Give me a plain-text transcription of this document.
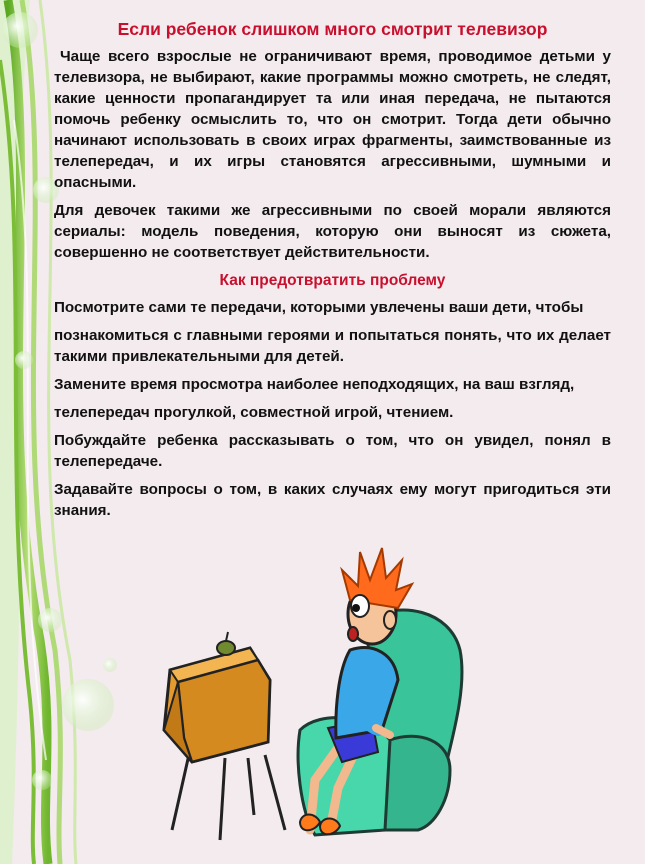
Если ребенок слишком много смотрит телевизор

Чаще всего взрослые не ограничивают время, проводимое детьми у телевизора, не выбирают, какие программы можно смотреть, не следят, какие ценности пропагандирует та или иная передача, не пытаются помочь ребенку осмыслить то, что он смотрит. Тогда дети обычно начинают использовать в своих играх фрагменты, заимствованные из телепередач, и их игры становятся агрессивными, шумными и опасными.

Для девочек такими же агрессивными по своей морали являются сериалы: модель поведения, которую они выносят из сюжета, совершенно не соответствует действительности.

Как предотвратить проблему

Посмотрите сами те передачи, которыми увлечены ваши дети, чтобы

познакомиться с главными героями и попытаться понять, что их делает такими привлекательными для детей.

Замените время просмотра наиболее неподходящих, на ваш взгляд,

телепередач прогулкой, совместной игрой, чтением.

Побуждайте ребенка рассказывать о том, что он увидел, понял в телепередаче.

Задавайте вопросы о том, в каких случаях ему могут пригодиться эти знания.
